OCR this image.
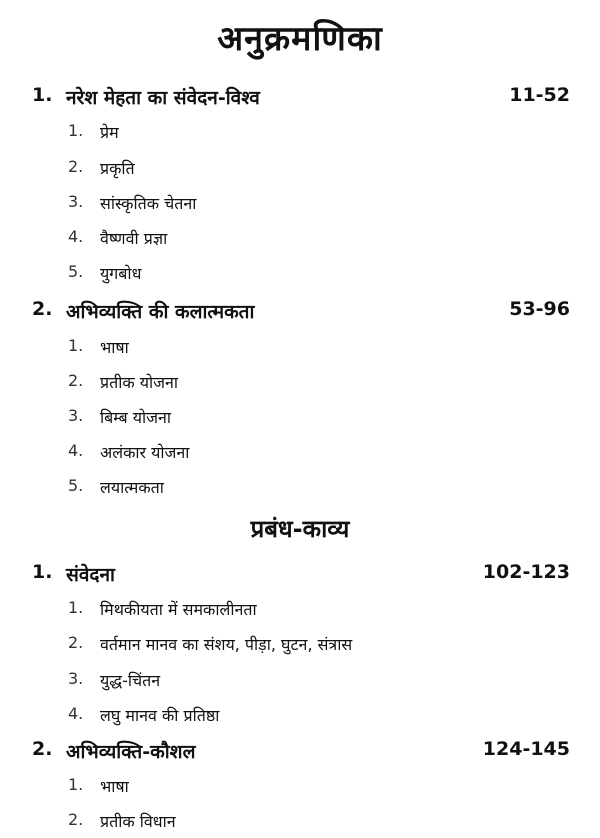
अनुक्रमणिका
1. नरेश मेहता का संवेदन-विश्व	11-52
1. प्रेम
2. प्रकृति
3. सांस्कृतिक चेतना
4. वैष्णवी प्रज्ञा
5. युगबोध
2. अभिव्यक्ति की कलात्मकता	53-96
1. भाषा
2. प्रतीक योजना
3. बिम्ब योजना
4. अलंकार योजना
5. लयात्मकता
प्रबंध-काव्य
1. संवेदना	102-123
1. मिथकीयता में समकालीनता
2. वर्तमान मानव का संशय, पीड़ा, घुटन, संत्रास
3. युद्ध-चिंतन
4. लघु मानव की प्रतिष्ठा
2. अभिव्यक्ति-कौशल	124-145
1. भाषा
2. प्रतीक विधान
